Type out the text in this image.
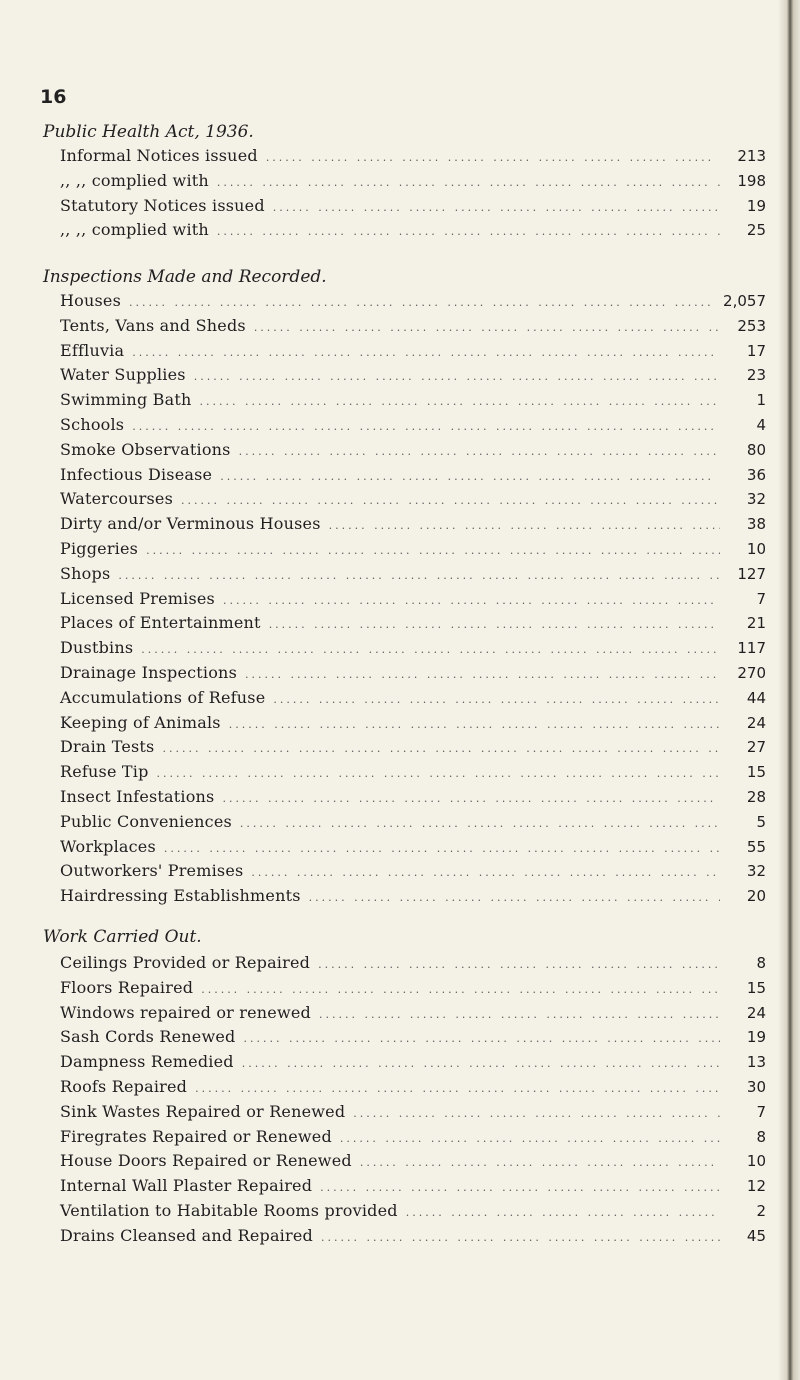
16
Public Health Act, 1936.
Informal Notices issued .....	213
,, ,, complied with .....	198
Statutory Notices issued .....	19
,, ,, complied with .....	25
Inspections Made and Recorded.
Houses .....	2,057
Tents, Vans and Sheds .....	253
Effluvia .....	17
Water Supplies .....	23
Swimming Bath .....	1
Schools .....	4
Smoke Observations .....	80
Infectious Disease .....	36
Watercourses .....	32
Dirty and/or Verminous Houses .....	38
Piggeries .....	10
Shops .....	127
Licensed Premises .....	7
Places of Entertainment .....	21
Dustbins .....	117
Drainage Inspections .....	270
Accumulations of Refuse .....	44
Keeping of Animals .....	24
Drain Tests .....	27
Refuse Tip .....	15
Insect Infestations .....	28
Public Conveniences .....	5
Workplaces .....	55
Outworkers' Premises .....	32
Hairdressing Establishments .....	20
Work Carried Out.
Ceilings Provided or Repaired .....	8
Floors Repaired .....	15
Windows repaired or renewed .....	24
Sash Cords Renewed .....	19
Dampness Remedied .....	13
Roofs Repaired .....	30
Sink Wastes Repaired or Renewed .....	7
Firegrates Repaired or Renewed .....	8
House Doors Repaired or Renewed .....	10
Internal Wall Plaster Repaired .....	12
Ventilation to Habitable Rooms provided .....	2
Drains Cleansed and Repaired .....	45
